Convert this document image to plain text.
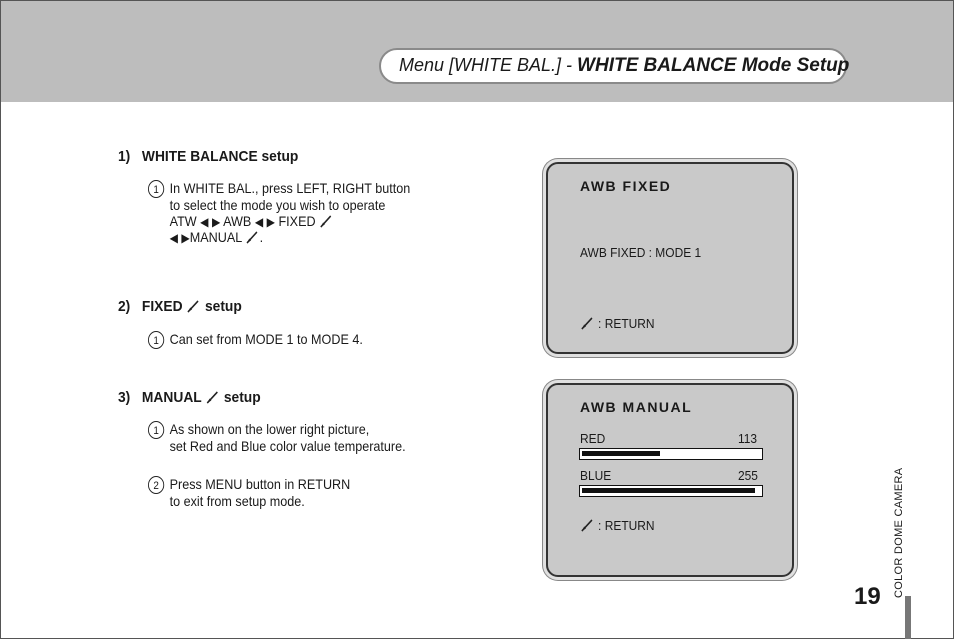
Menu [WHITE BAL.] - WHITE BALANCE Mode Setup
1) WHITE BALANCE setup
1 In WHITE BAL., press LEFT, RIGHT button
to select the mode you wish to operate
ATW ◀ ▶ AWB ◀ ▶ FIXED
◀ ▶MANUAL .
2) FIXED setup
1 Can set from MODE 1 to MODE 4.
3) MANUAL setup
1 As shown on the lower right picture,
set Red and Blue color value temperature.
2 Press MENU button in RETURN
to exit from setup mode.
AWB FIXED
AWB FIXED : MODE 1
: RETURN
AWB MANUAL
RED	113
BLUE	255
: RETURN
19 COLOR DOME CAMERA
